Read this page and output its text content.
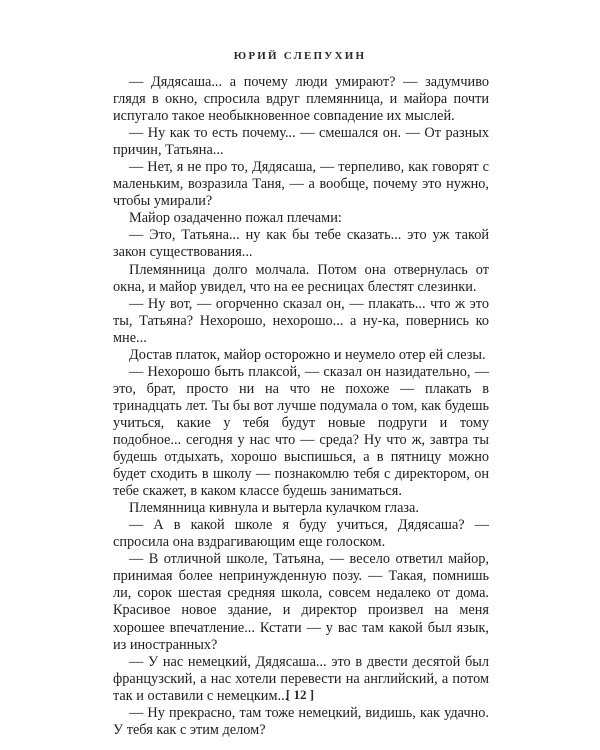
ЮРИЙ СЛЕПУХИН

— Дядясаша... а почему люди умирают? — задумчиво глядя в окно, спросила вдруг племянница, и майора почти испугало такое необыкновенное совпадение их мыслей.

— Ну как то есть почему... — смешался он. — От разных причин, Татьяна...

— Нет, я не про то, Дядясаша, — терпеливо, как говорят с маленьким, возразила Таня, — а вообще, почему это нужно, чтобы умирали?

Майор озадаченно пожал плечами:

— Это, Татьяна... ну как бы тебе сказать... это уж такой закон существования...

Племянница долго молчала. Потом она отвернулась от окна, и майор увидел, что на ее ресницах блестят слезинки.

— Ну вот, — огорченно сказал он, — плакать... что ж это ты, Татьяна? Нехорошо, нехорошо... а ну-ка, повернись ко мне...

Достав платок, майор осторожно и неумело отер ей слезы.

— Нехорошо быть плаксой, — сказал он назидательно, — это, брат, просто ни на что не похоже — плакать в тринадцать лет. Ты бы вот лучше подумала о том, как будешь учиться, какие у тебя будут новые подруги и тому подобное... сегодня у нас что — среда? Ну что ж, завтра ты будешь отдыхать, хорошо выспишься, а в пятницу можно будет сходить в школу — познакомлю тебя с директором, он тебе скажет, в каком классе будешь заниматься.

Племянница кивнула и вытерла кулачком глаза.

— А в какой школе я буду учиться, Дядясаша? — спросила она вздрагивающим еще голоском.

— В отличной школе, Татьяна, — весело ответил майор, принимая более непринужденную позу. — Такая, помнишь ли, сорок шестая средняя школа, совсем недалеко от дома. Красивое новое здание, и директор произвел на меня хорошее впечатление... Кстати — у вас там какой был язык, из иностранных?

— У нас немецкий, Дядясаша... это в двести десятой был французский, а нас хотели перевести на английский, а потом так и оставили с немецким...

— Ну прекрасно, там тоже немецкий, видишь, как удачно. У тебя как с этим делом?

[ 12 ]
